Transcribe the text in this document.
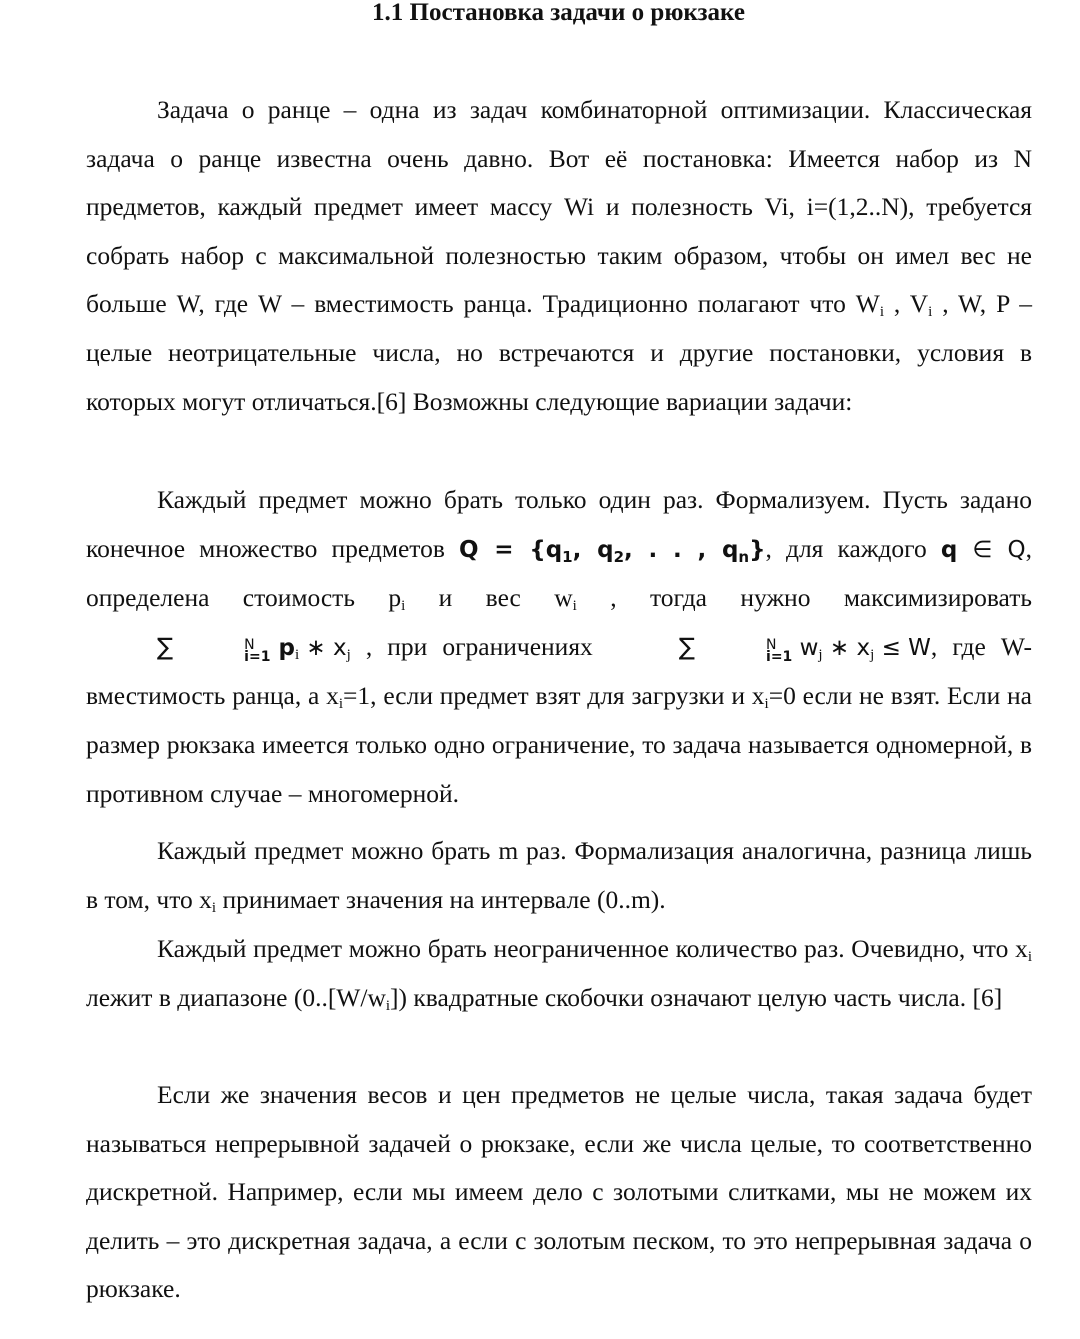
1.1 Постановка задачи о рюкзаке
Задача о ранце – одна из задач комбинаторной оптимизации. Классическая задача о ранце известна очень давно. Вот её постановка: Имеется набор из N предметов, каждый предмет имеет массу Wi и полезность Vi, i=(1,2..N), требуется собрать набор с максимальной полезностью таким образом, чтобы он имел вес не больше W, где W – вместимость ранца. Традиционно полагают что $W_i$ , $V_i$ , W, P – целые неотрицательные числа, но встречаются и другие постановки, условия в которых могут отличаться.[6] Возможны следующие вариации задачи:
Каждый предмет можно брать только один раз. Формализуем. Пусть задано конечное множество предметов $Q = \{q_1$, $q_2$, . . , $q_n$}, для каждого q ∈ Q, определена стоимость $p_i$ и вес $w_i$ , тогда нужно максимизировать ∑	N
i=1 $p_i$ ∗ $x_j$ , при ограничениях	∑	N
i=1 $w_j$ ∗ $x_j \le W$, где W-вместимость ранца, а $x_i=1$, если предмет взят для загрузки и $x_i=0$ если не взят. Если на размер рюкзака имеется только одно ограничение, то задача называется одномерной, в противном случае – многомерной.
Каждый предмет можно брать m раз. Формализация аналогична, разница лишь в том, что $x_i$ принимает значения на интервале (0..m).
Каждый предмет можно брать неограниченное количество раз. Очевидно, что $x_i$ лежит в диапазоне $(0..[W/w_i])$ квадратные скобочки означают целую часть числа. [6]
Если же значения весов и цен предметов не целые числа, такая задача будет называться непрерывной задачей о рюкзаке, если же числа целые, то соответственно дискретной. Например, если мы имеем дело с золотыми слитками, мы не можем их делить – это дискретная задача, а если с золотым песком, то это непрерывная задача о рюкзаке.
